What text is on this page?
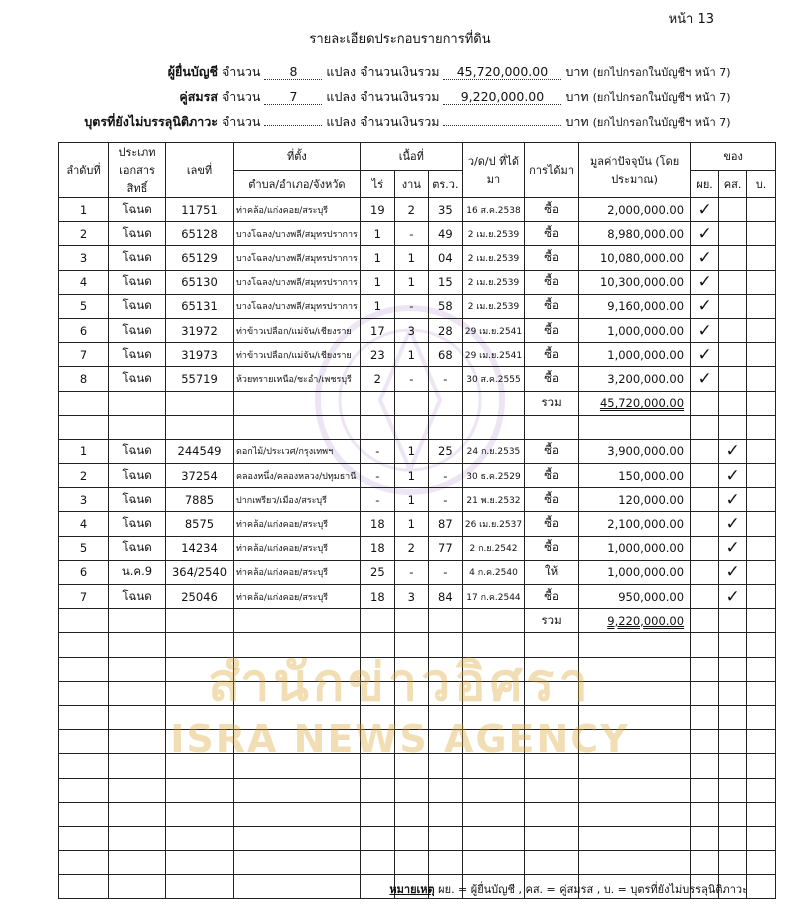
หน้า 13
รายละเอียดประกอบรายการที่ดิน
ผู้ยื่นบัญชี จำนวน 8 แปลง จำนวนเงินรวม 45,720,000.00 บาท (ยกไปกรอกในบัญชีฯ หน้า 7)
คู่สมรส จำนวน 7 แปลง จำนวนเงินรวม 9,220,000.00 บาท (ยกไปกรอกในบัญชีฯ หน้า 7)
บุตรที่ยังไม่บรรลุนิติภาวะ จำนวน	แปลง จำนวนเงินรวม	บาท (ยกไปกรอกในบัญชีฯ หน้า 7)
ลำดับที่	ประเภทเอกสารสิทธิ์	เลขที่	ที่ตั้ง	เนื้อที่			ว/ด/ป ที่ได้มา	การได้มา	มูลค่าปัจจุบัน (โดยประมาณ)	ของ		
			ตำบล/อำเภอ/จังหวัด	ไร่	งาน	ตร.ว.				ผย.	คส.	บ.
1	โฉนด	11751	ท่าคล้อ/แก่งคอย/สระบุรี	19	2	35	16 ส.ค.2538	ซื้อ	2,000,000.00	✓		
2	โฉนด	65128	บางโฉลง/บางพลี/สมุทรปราการ	1	-	49	2 เม.ย.2539	ซื้อ	8,980,000.00	✓		
3	โฉนด	65129	บางโฉลง/บางพลี/สมุทรปราการ	1	1	04	2 เม.ย.2539	ซื้อ	10,080,000.00	✓		
4	โฉนด	65130	บางโฉลง/บางพลี/สมุทรปราการ	1	1	15	2 เม.ย.2539	ซื้อ	10,300,000.00	✓		
5	โฉนด	65131	บางโฉลง/บางพลี/สมุทรปราการ	1	-	58	2 เม.ย.2539	ซื้อ	9,160,000.00	✓		
6	โฉนด	31972	ท่าข้าวเปลือก/แม่จัน/เชียงราย	17	3	28	29 เม.ย.2541	ซื้อ	1,000,000.00	✓		
7	โฉนด	31973	ท่าข้าวเปลือก/แม่จัน/เชียงราย	23	1	68	29 เม.ย.2541	ซื้อ	1,000,000.00	✓		
8	โฉนด	55719	ห้วยทรายเหนือ/ชะอำ/เพชรบุรี	2	-	-	30 ส.ค.2555	ซื้อ	3,200,000.00	✓		
								รวม	45,720,000.00			

1	โฉนด	244549	ดอกไม้/ประเวศ/กรุงเทพฯ	-	1	25	24 ก.ย.2535	ซื้อ	3,900,000.00		✓	
2	โฉนด	37254	คลองหนึ่ง/คลองหลวง/ปทุมธานี	-	1	-	30 ธ.ค.2529	ซื้อ	150,000.00		✓	
3	โฉนด	7885	ปากเพรียว/เมือง/สระบุรี	-	1	-	21 พ.ย.2532	ซื้อ	120,000.00		✓	
4	โฉนด	8575	ท่าคล้อ/แก่งคอย/สระบุรี	18	1	87	26 เม.ย.2537	ซื้อ	2,100,000.00		✓	
5	โฉนด	14234	ท่าคล้อ/แก่งคอย/สระบุรี	18	2	77	2 ก.ย.2542	ซื้อ	1,000,000.00		✓	
6	น.ค.9	364/2540	ท่าคล้อ/แก่งคอย/สระบุรี	25	-	-	4 ก.ค.2540	ให้	1,000,000.00		✓	
7	โฉนด	25046	ท่าคล้อ/แก่งคอย/สระบุรี	18	3	84	17 ก.ค.2544	ซื้อ	950,000.00		✓	
								รวม	9,220,000.00			

สำนักข่าวอิศรา
ISRA NEWS AGENCY
หมายเหตุ ผย. = ผู้ยื่นบัญชี , คส. = คู่สมรส , บ. = บุตรที่ยังไม่บรรลุนิติภาวะ
